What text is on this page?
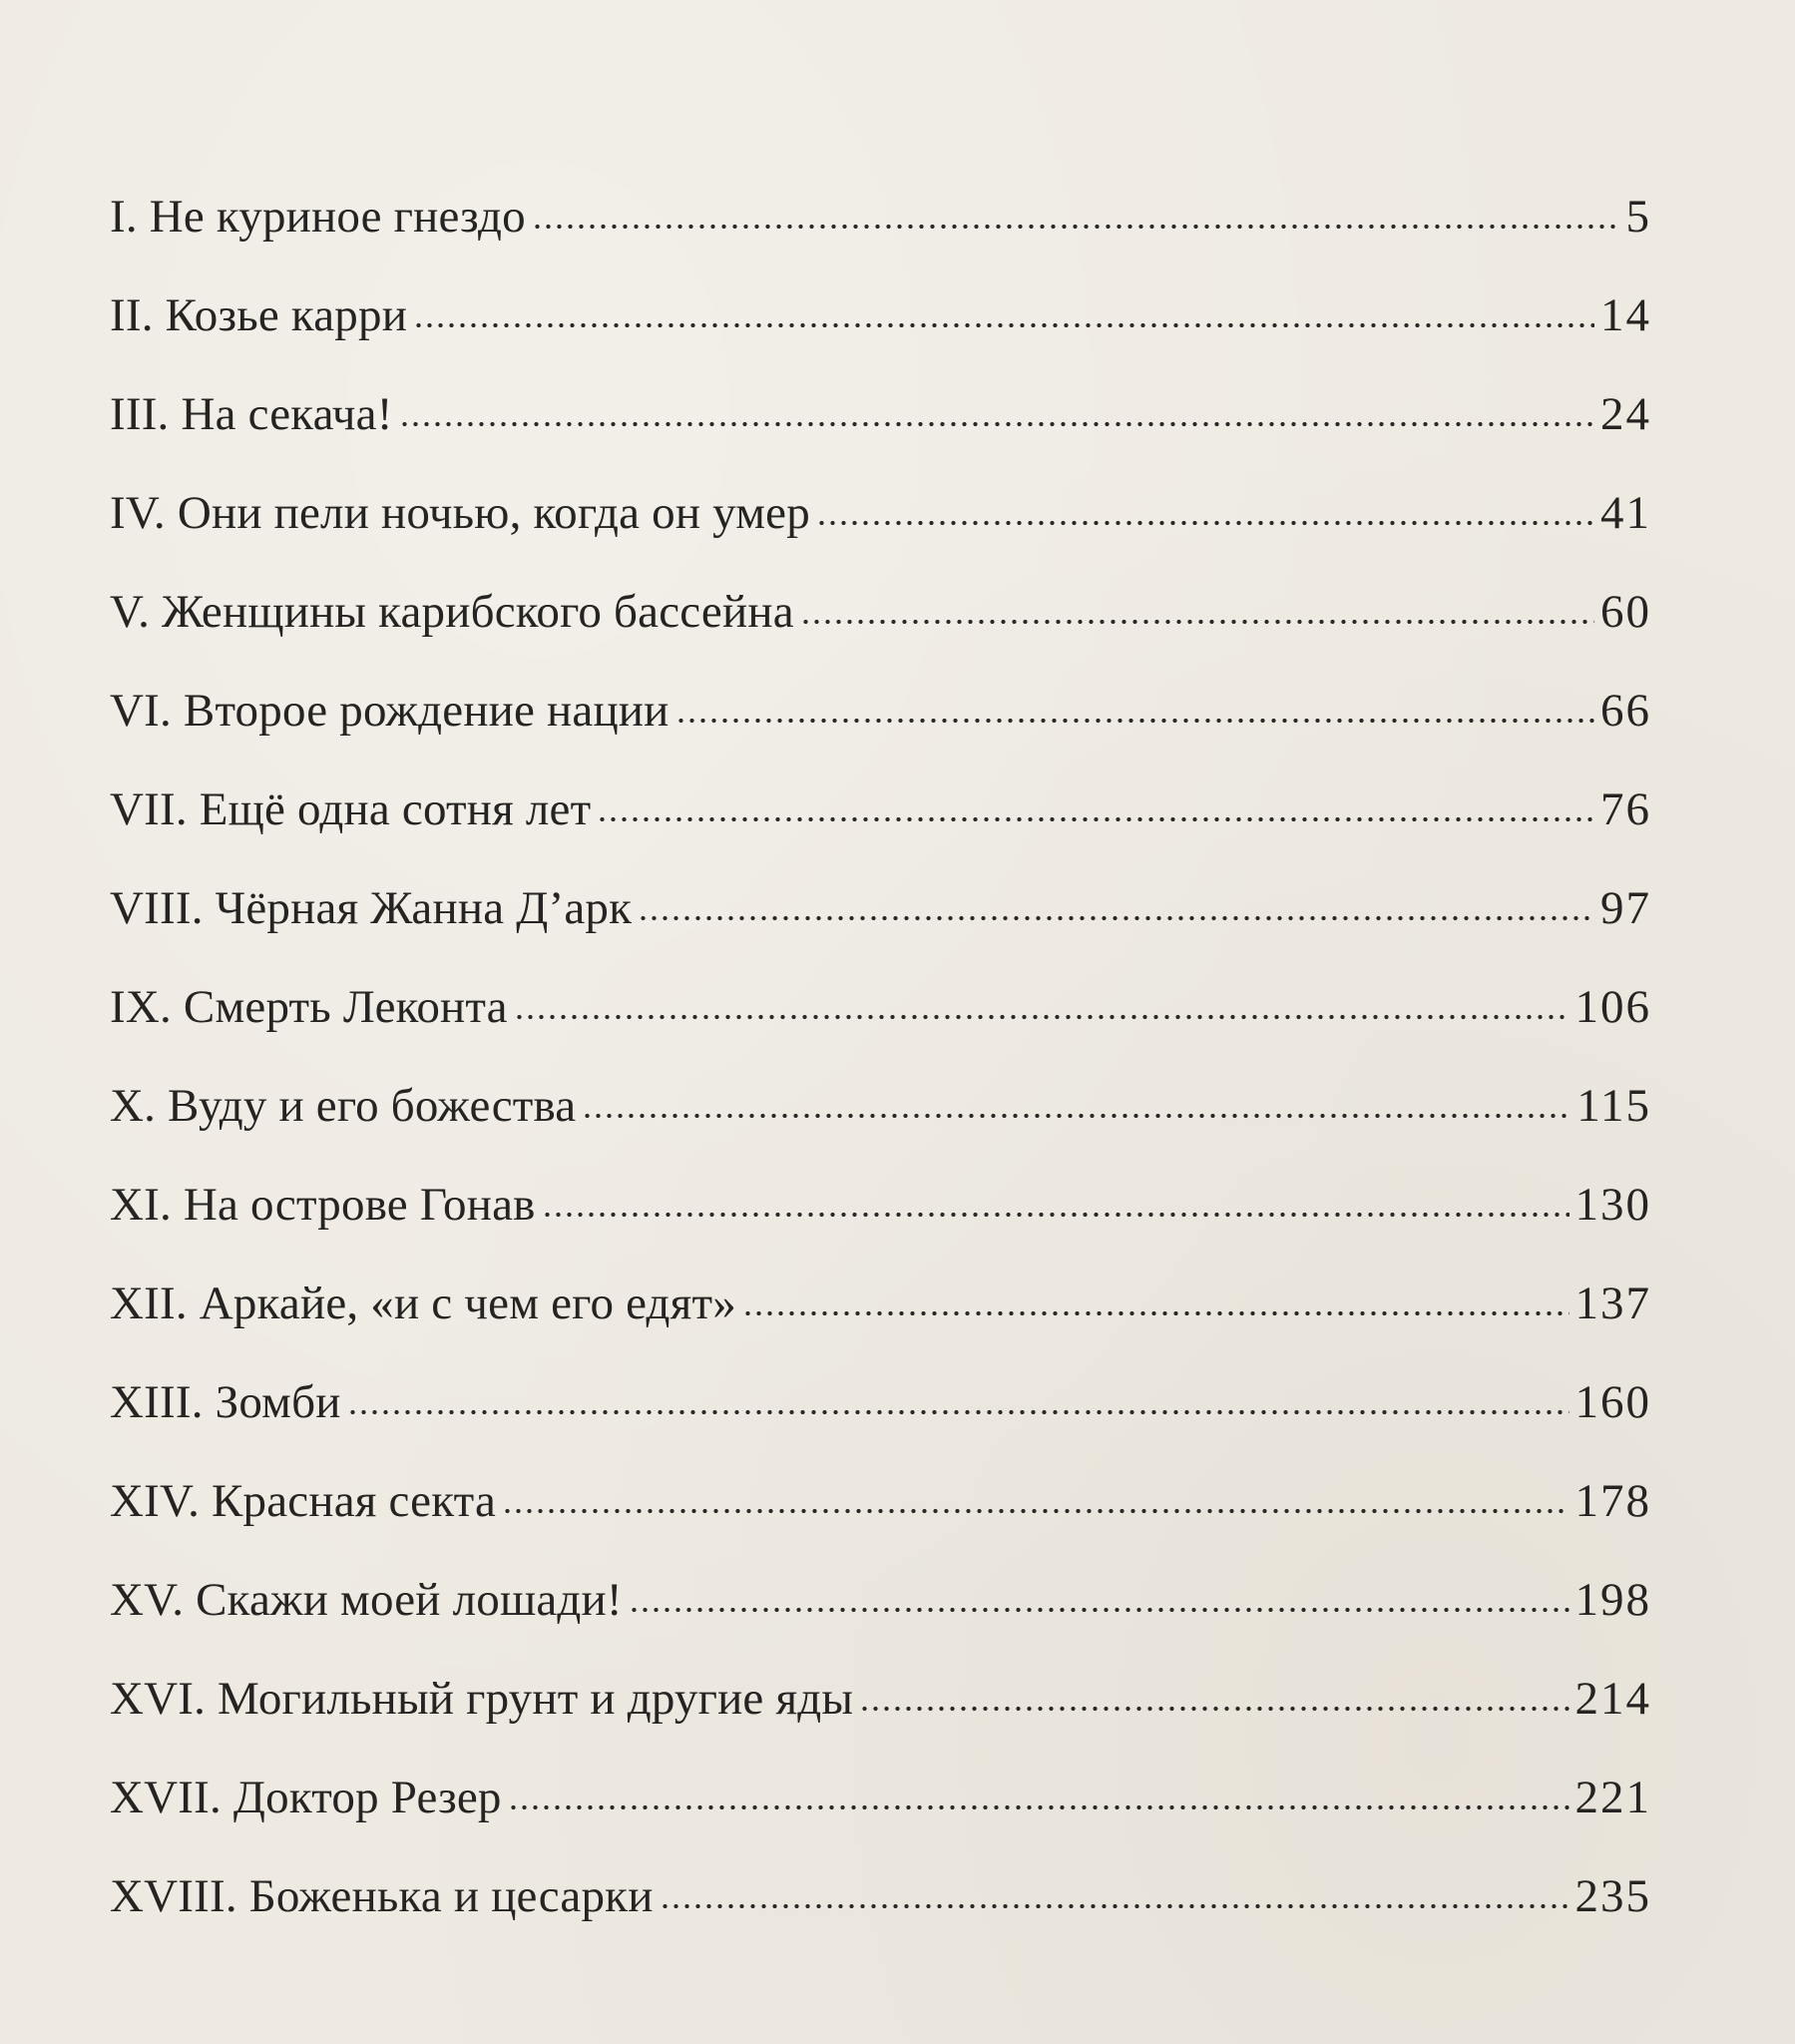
I. Не куриное гнездо	5
II. Козье карри	14
III. На секача!	24
IV. Они пели ночью, когда он умер	41
V. Женщины карибского бассейна	60
VI. Второе рождение нации	66
VII. Ещё одна сотня лет	76
VIII. Чёрная Жанна Д’арк	97
IX. Смерть Леконта	106
X. Вуду и его божества	115
XI. На острове Гонав	130
XII. Аркайе, «и с чем его едят»	137
XIII. Зомби	160
XIV. Красная секта	178
XV. Скажи моей лошади!	198
XVI. Могильный грунт и другие яды	214
XVII. Доктор Резер	221
XVIII. Боженька и цесарки	235
